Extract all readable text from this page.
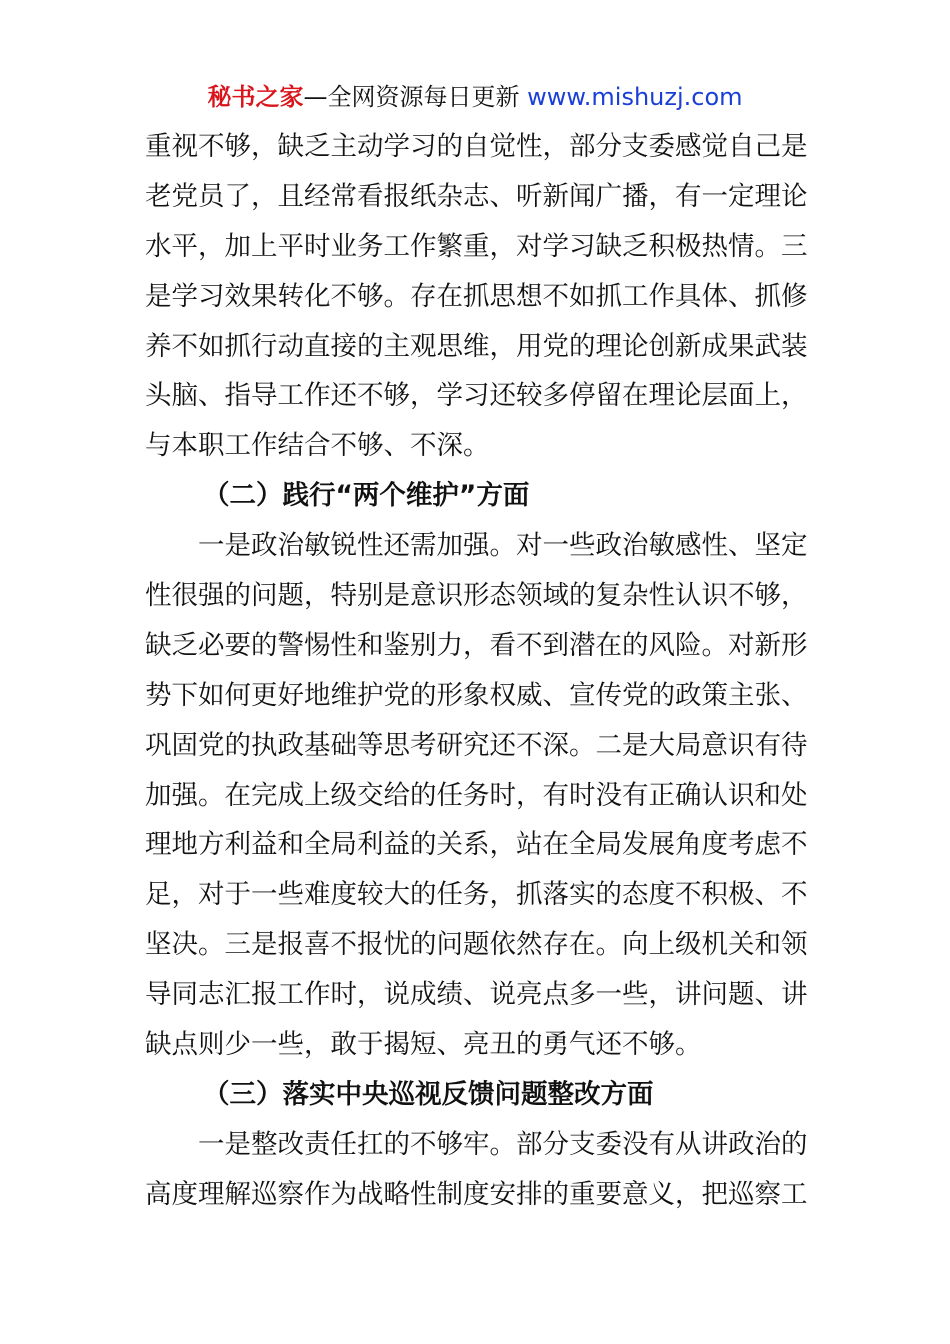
秘书之家—全网资源每日更新 www.mishuzj.com
重视不够，缺乏主动学习的自觉性，部分支委感觉自己是
老党员了，且经常看报纸杂志、听新闻广播，有一定理论
水平，加上平时业务工作繁重，对学习缺乏积极热情。三
是学习效果转化不够。存在抓思想不如抓工作具体、抓修
养不如抓行动直接的主观思维，用党的理论创新成果武装
头脑、指导工作还不够，学习还较多停留在理论层面上，
与本职工作结合不够、不深。
（二）践行“两个维护”方面
一是政治敏锐性还需加强。对一些政治敏感性、坚定
性很强的问题，特别是意识形态领域的复杂性认识不够，
缺乏必要的警惕性和鉴别力，看不到潜在的风险。对新形
势下如何更好地维护党的形象权威、宣传党的政策主张、
巩固党的执政基础等思考研究还不深。二是大局意识有待
加强。在完成上级交给的任务时，有时没有正确认识和处
理地方利益和全局利益的关系，站在全局发展角度考虑不
足，对于一些难度较大的任务，抓落实的态度不积极、不
坚决。三是报喜不报忧的问题依然存在。向上级机关和领
导同志汇报工作时，说成绩、说亮点多一些，讲问题、讲
缺点则少一些，敢于揭短、亮丑的勇气还不够。
（三）落实中央巡视反馈问题整改方面
一是整改责任扛的不够牢。部分支委没有从讲政治的
高度理解巡察作为战略性制度安排的重要意义，把巡察工
